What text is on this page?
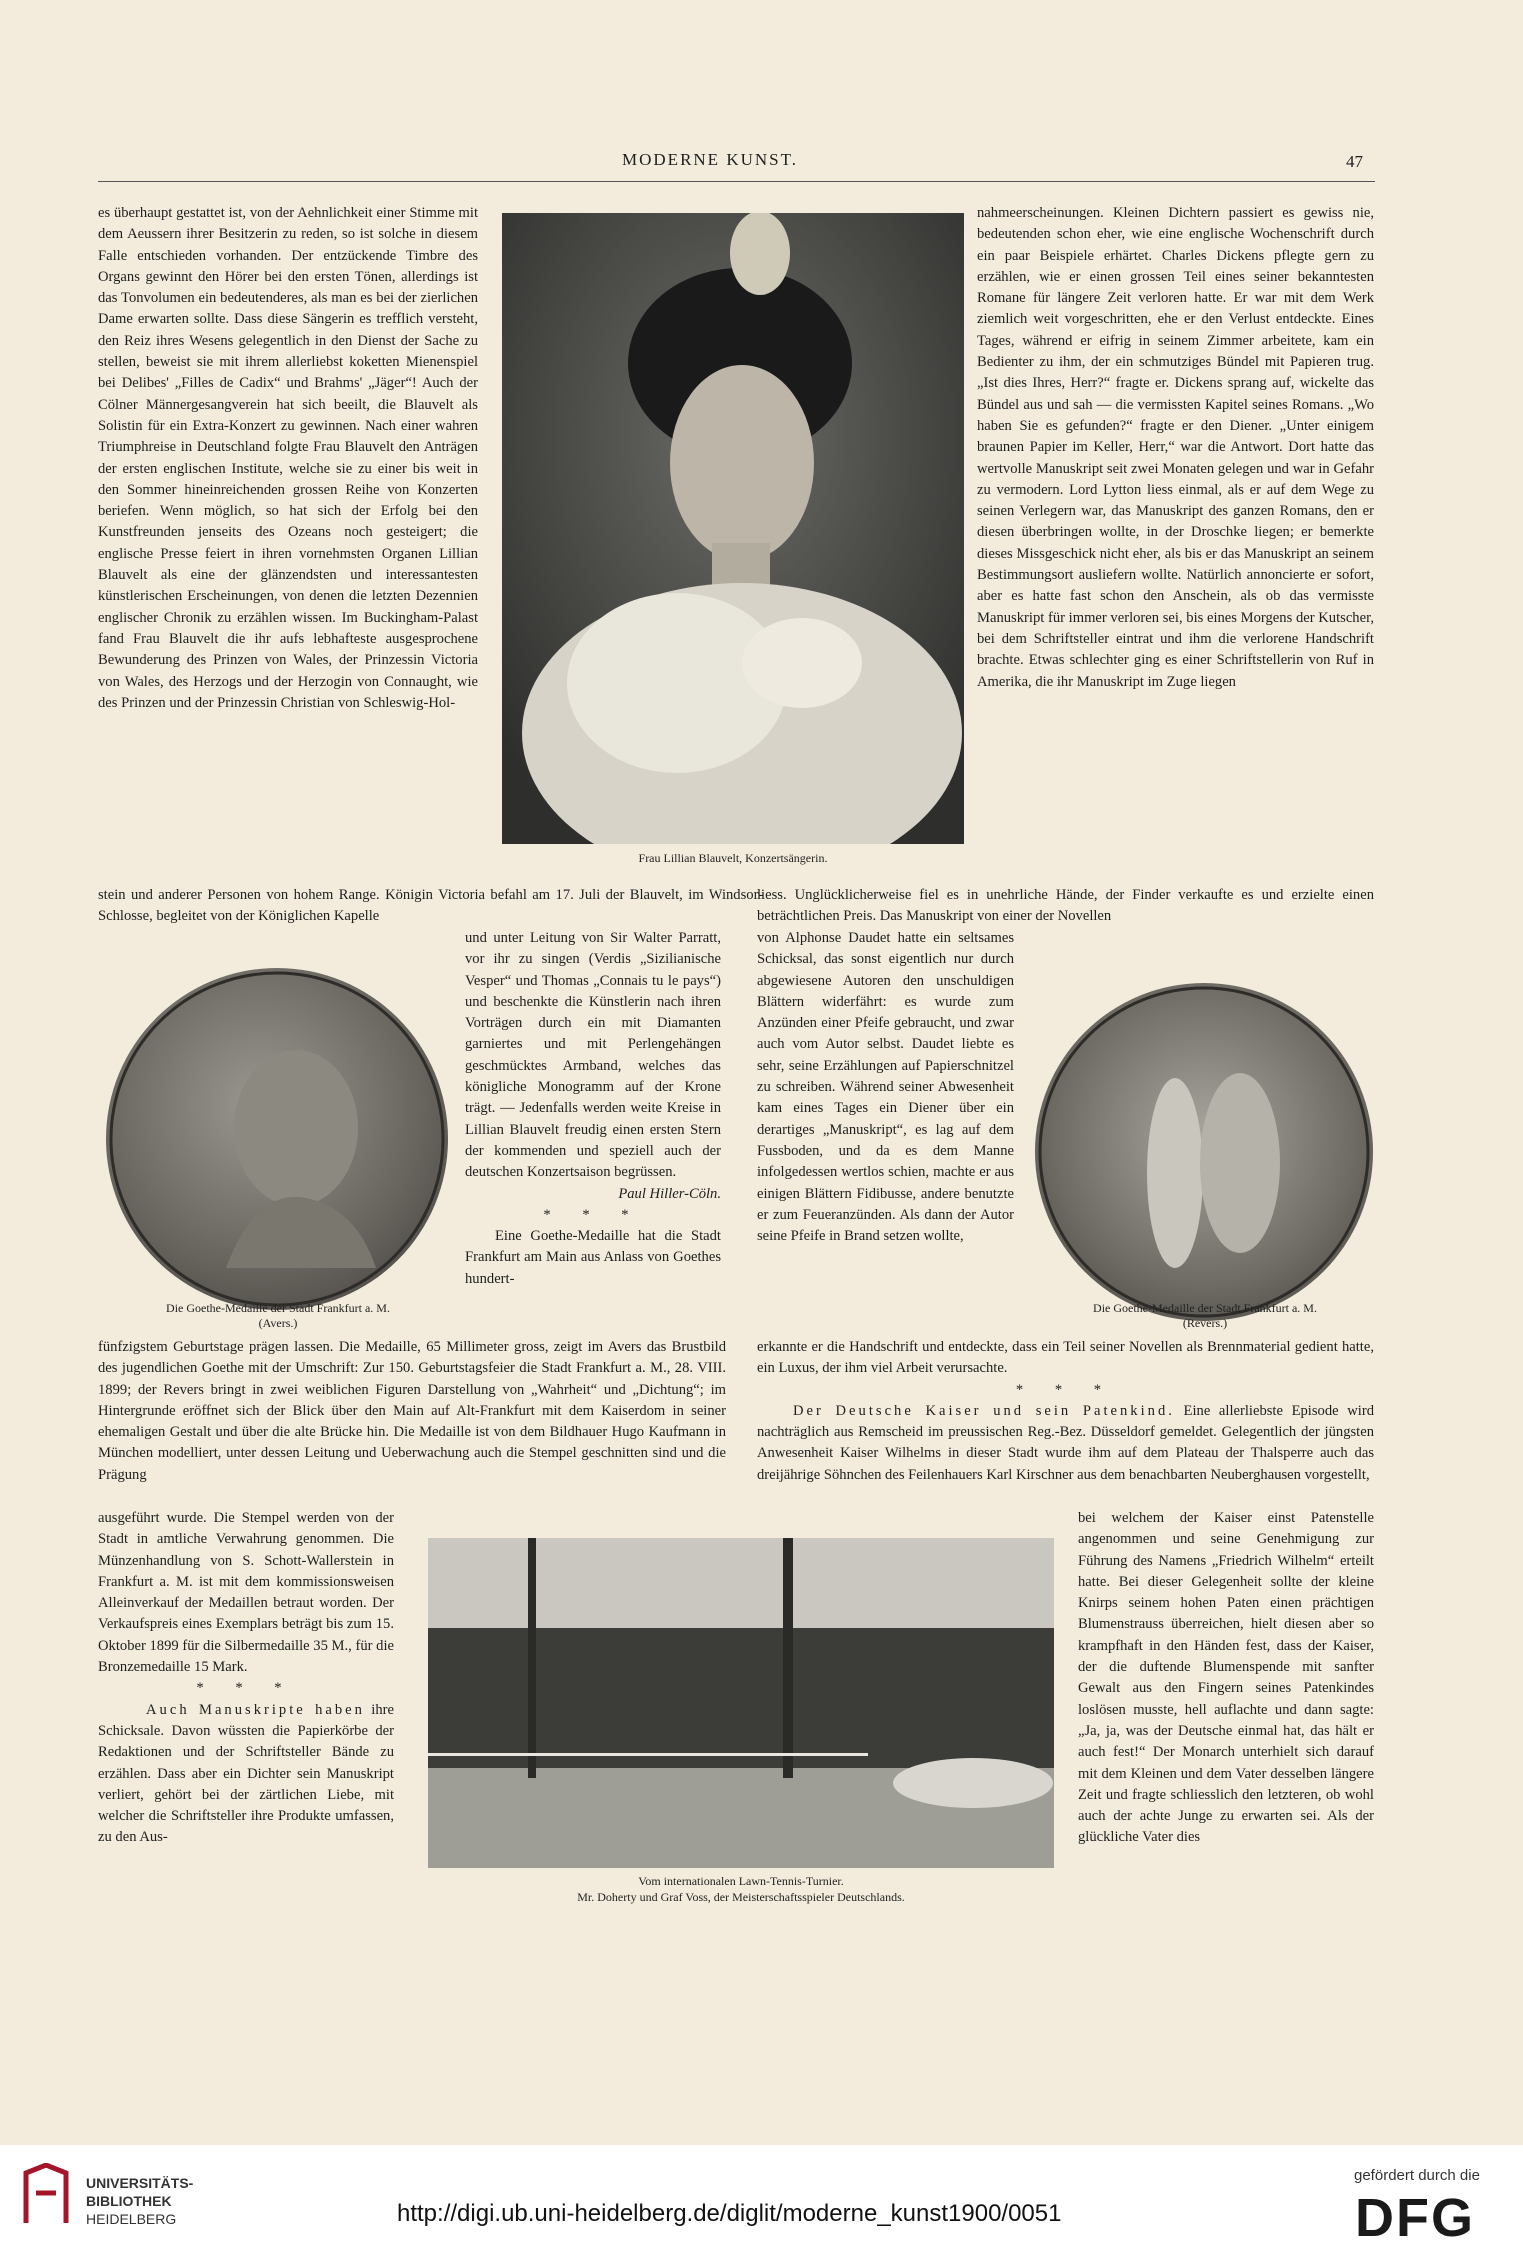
MODERNE KUNST.	47

es überhaupt gestattet ist, von der Aehnlichkeit einer Stimme mit dem Aeussern ihrer Besitzerin zu reden, so ist solche in diesem Falle entschieden vorhanden. Der entzückende Timbre des Organs gewinnt den Hörer bei den ersten Tönen, allerdings ist das Tonvolumen ein bedeutenderes, als man es bei der zierlichen Dame erwarten sollte. Dass diese Sängerin es trefflich versteht, den Reiz ihres Wesens gelegentlich in den Dienst der Sache zu stellen, beweist sie mit ihrem allerliebst koketten Mienenspiel bei Delibes' „Filles de Cadix“ und Brahms' „Jäger“! Auch der Cölner Männergesangverein hat sich beeilt, die Blauvelt als Solistin für ein Extra-Konzert zu gewinnen. Nach einer wahren Triumphreise in Deutschland folgte Frau Blauvelt den Anträgen der ersten englischen Institute, welche sie zu einer bis weit in den Sommer hineinreichenden grossen Reihe von Konzerten beriefen. Wenn möglich, so hat sich der Erfolg bei den Kunstfreunden jenseits des Ozeans noch gesteigert; die englische Presse feiert in ihren vornehmsten Organen Lillian Blauvelt als eine der glänzendsten und interessantesten künstlerischen Erscheinungen, von denen die letzten Dezennien englischer Chronik zu erzählen wissen. Im Buckingham-Palast fand Frau Blauvelt die ihr aufs lebhafteste ausgesprochene Bewunderung des Prinzen von Wales, der Prinzessin Victoria von Wales, des Herzogs und der Herzogin von Connaught, wie des Prinzen und der Prinzessin Christian von Schleswig-Hol-

Frau Lillian Blauvelt, Konzertsängerin.

nahmeerscheinungen. Kleinen Dichtern passiert es gewiss nie, bedeutenden schon eher, wie eine englische Wochenschrift durch ein paar Beispiele erhärtet. Charles Dickens pflegte gern zu erzählen, wie er einen grossen Teil eines seiner bekanntesten Romane für längere Zeit verloren hatte. Er war mit dem Werk ziemlich weit vorgeschritten, ehe er den Verlust entdeckte. Eines Tages, während er eifrig in seinem Zimmer arbeitete, kam ein Bedienter zu ihm, der ein schmutziges Bündel mit Papieren trug. „Ist dies Ihres, Herr?“ fragte er. Dickens sprang auf, wickelte das Bündel aus und sah — die vermissten Kapitel seines Romans. „Wo haben Sie es gefunden?“ fragte er den Diener. „Unter einigem braunen Papier im Keller, Herr,“ war die Antwort. Dort hatte das wertvolle Manuskript seit zwei Monaten gelegen und war in Gefahr zu vermodern. Lord Lytton liess einmal, als er auf dem Wege zu seinen Verlegern war, das Manuskript des ganzen Romans, den er diesen überbringen wollte, in der Droschke liegen; er bemerkte dieses Missgeschick nicht eher, als bis er das Manuskript an seinem Bestimmungsort ausliefern wollte. Natürlich annoncierte er sofort, aber es hatte fast schon den Anschein, als ob das vermisste Manuskript für immer verloren sei, bis eines Morgens der Kutscher, bei dem Schriftsteller eintrat und ihm die verlorene Handschrift brachte. Etwas schlechter ging es einer Schriftstellerin von Ruf in Amerika, die ihr Manuskript im Zuge liegen

stein und anderer Personen von hohem Range. Königin Victoria befahl am 17. Juli der Blauvelt, im Windsor-Schlosse, begleitet von der Königlichen Kapelle

liess. Unglücklicherweise fiel es in unehrliche Hände, der Finder verkaufte es und erzielte einen beträchtlichen Preis. Das Manuskript von einer der Novellen

Die Goethe-Medaille der Stadt Frankfurt a. M.
(Avers.)

und unter Leitung von Sir Walter Parratt, vor ihr zu singen (Verdis „Sizilianische Vesper“ und Thomas „Connais tu le pays“) und beschenkte die Künstlerin nach ihren Vorträgen durch ein mit Diamanten garniertes und mit Perlengehängen geschmücktes Armband, welches das königliche Monogramm auf der Krone trägt. — Jedenfalls werden weite Kreise in Lillian Blauvelt freudig einen ersten Stern der kommenden und speziell auch der deutschen Konzertsaison begrüssen.

Paul Hiller-Cöln.

* * *

Eine Goethe-Medaille hat die Stadt Frankfurt am Main aus Anlass von Goethes hundert-

von Alphonse Daudet hatte ein seltsames Schicksal, das sonst eigentlich nur durch abgewiesene Autoren den unschuldigen Blättern widerfährt: es wurde zum Anzünden einer Pfeife gebraucht, und zwar auch vom Autor selbst. Daudet liebte es sehr, seine Erzählungen auf Papierschnitzel zu schreiben. Während seiner Abwesenheit kam eines Tages ein Diener über ein derartiges „Manuskript“, es lag auf dem Fussboden, und da es dem Manne infolgedessen wertlos schien, machte er aus einigen Blättern Fidibusse, andere benutzte er zum Feueranzünden. Als dann der Autor seine Pfeife in Brand setzen wollte,

Die Goethe-Medaille der Stadt Frankfurt a. M.
(Revers.)

fünfzigstem Geburtstage prägen lassen. Die Medaille, 65 Millimeter gross, zeigt im Avers das Brustbild des jugendlichen Goethe mit der Umschrift: Zur 150. Geburtstagsfeier die Stadt Frankfurt a. M., 28. VIII. 1899; der Revers bringt in zwei weiblichen Figuren Darstellung von „Wahrheit“ und „Dichtung“; im Hintergrunde eröffnet sich der Blick über den Main auf Alt-Frankfurt mit dem Kaiserdom in seiner ehemaligen Gestalt und über die alte Brücke hin. Die Medaille ist von dem Bildhauer Hugo Kaufmann in München modelliert, unter dessen Leitung und Ueberwachung auch die Stempel geschnitten sind und die Prägung

erkannte er die Handschrift und entdeckte, dass ein Teil seiner Novellen als Brennmaterial gedient hatte, ein Luxus, der ihm viel Arbeit verursachte.

* * *

Der Deutsche Kaiser und sein Patenkind. Eine allerliebste Episode wird nachträglich aus Remscheid im preussischen Reg.-Bez. Düsseldorf gemeldet. Gelegentlich der jüngsten Anwesenheit Kaiser Wilhelms in dieser Stadt wurde ihm auf dem Plateau der Thalsperre auch das dreijährige Söhnchen des Feilenhauers Karl Kirschner aus dem benachbarten Neuberghausen vorgestellt,

ausgeführt wurde. Die Stempel werden von der Stadt in amtliche Verwahrung genommen. Die Münzenhandlung von S. Schott-Wallerstein in Frankfurt a. M. ist mit dem kommissionsweisen Alleinverkauf der Medaillen betraut worden. Der Verkaufspreis eines Exemplars beträgt bis zum 15. Oktober 1899 für die Silbermedaille 35 M., für die Bronzemedaille 15 Mark.

* * *

Auch Manuskripte haben ihre Schicksale. Davon wüssten die Papierkörbe der Redaktionen und der Schriftsteller Bände zu erzählen. Dass aber ein Dichter sein Manuskript verliert, gehört bei der zärtlichen Liebe, mit welcher die Schriftsteller ihre Produkte umfassen, zu den Aus-

Vom internationalen Lawn-Tennis-Turnier.
Mr. Doherty und Graf Voss, der Meisterschaftsspieler Deutschlands.

bei welchem der Kaiser einst Patenstelle angenommen und seine Genehmigung zur Führung des Namens „Friedrich Wilhelm“ erteilt hatte. Bei dieser Gelegenheit sollte der kleine Knirps seinem hohen Paten einen prächtigen Blumenstrauss überreichen, hielt diesen aber so krampfhaft in den Händen fest, dass der Kaiser, der die duftende Blumenspende mit sanfter Gewalt aus den Fingern seines Patenkindes loslösen musste, hell auflachte und dann sagte: „Ja, ja, was der Deutsche einmal hat, das hält er auch fest!“ Der Monarch unterhielt sich darauf mit dem Kleinen und dem Vater desselben längere Zeit und fragte schliesslich den letzteren, ob wohl auch der achte Junge zu erwarten sei. Als der glückliche Vater dies

UNIVERSITÄTS-
BIBLIOTHEK
HEIDELBERG	http://digi.ub.uni-heidelberg.de/diglit/moderne_kunst1900/0051
gefördert durch die
DFG
